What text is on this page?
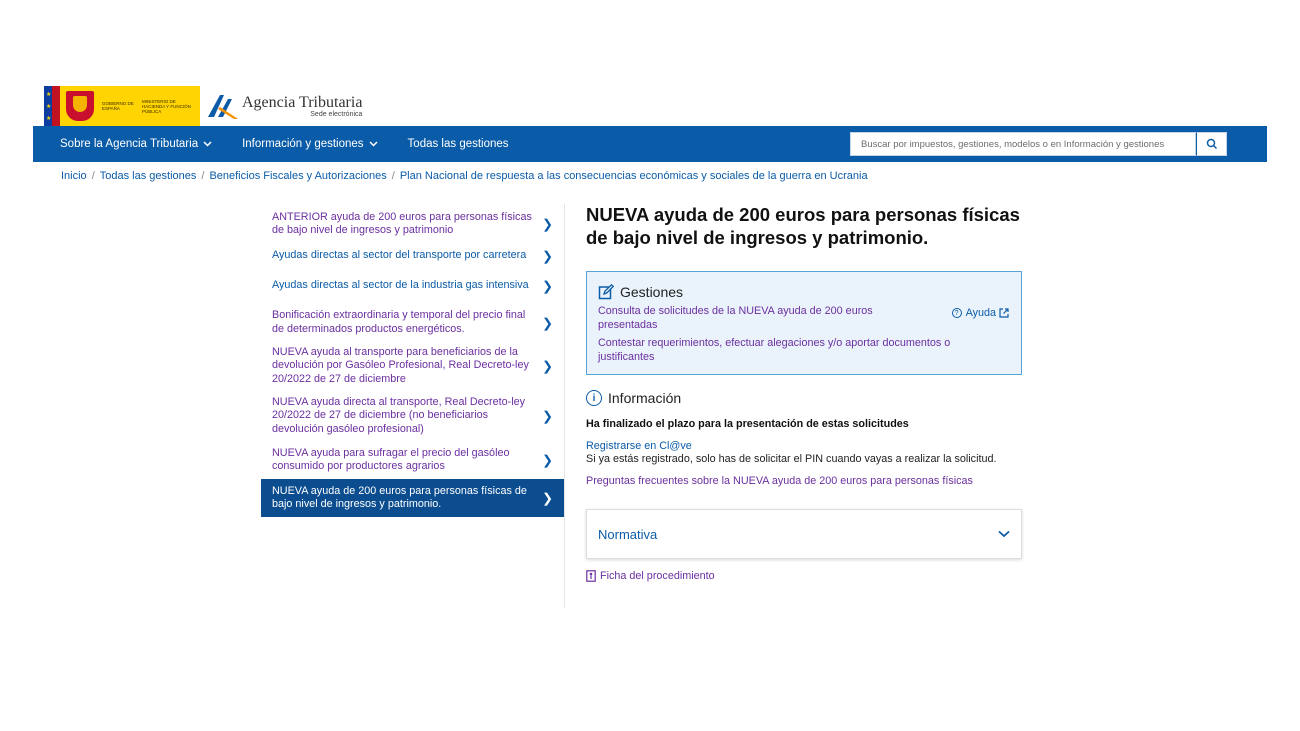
★
★
★
GOBIERNO DE ESPAÑA
MINISTERIO DE HACIENDA Y FUNCIÓN PÚBLICA	Agencia Tributaria
Sede electrónica
Sobre la Agencia Tributaria	Información y gestiones	Todas las gestiones	Buscar por impuestos, gestiones, modelos o en Información y gestiones
Inicio / Todas las gestiones / Beneficios Fiscales y Autorizaciones / Plan Nacional de respuesta a las consecuencias económicas y sociales de la guerra en Ucrania
ANTERIOR ayuda de 200 euros para personas físicas de bajo nivel de ingresos y patrimonio	❯
Ayudas directas al sector del transporte por carretera ❯
Ayudas directas al sector de la industria gas intensiva ❯
Bonificación extraordinaria y temporal del precio final de determinados productos energéticos.	❯
NUEVA ayuda al transporte para beneficiarios de la devolución por Gasóleo Profesional, Real Decreto-ley 20/2022 de 27 de diciembre
❯
NUEVA ayuda directa al transporte, Real Decreto-ley 20/2022 de 27 de diciembre (no beneficiarios devolución gasóleo profesional)
❯
NUEVA ayuda para sufragar el precio del gasóleo consumido por productores agrarios	❯
NUEVA ayuda de 200 euros para personas físicas de bajo nivel de ingresos y patrimonio.	❯
NUEVA ayuda de 200 euros para personas físicas de bajo nivel de ingresos y patrimonio.
Gestiones
Consulta de solicitudes de la NUEVA ayuda de 200 euros presentadas
Contestar requerimientos, efectuar alegaciones y/o aportar documentos o justificantes
? Ayuda
i Información
Ha finalizado el plazo para la presentación de estas solicitudes
Registrarse en Cl@ve
Si ya estás registrado, solo has de solicitar el PIN cuando vayas a realizar la solicitud.
Preguntas frecuentes sobre la NUEVA ayuda de 200 euros para personas físicas
Normativa
Ficha del procedimiento
